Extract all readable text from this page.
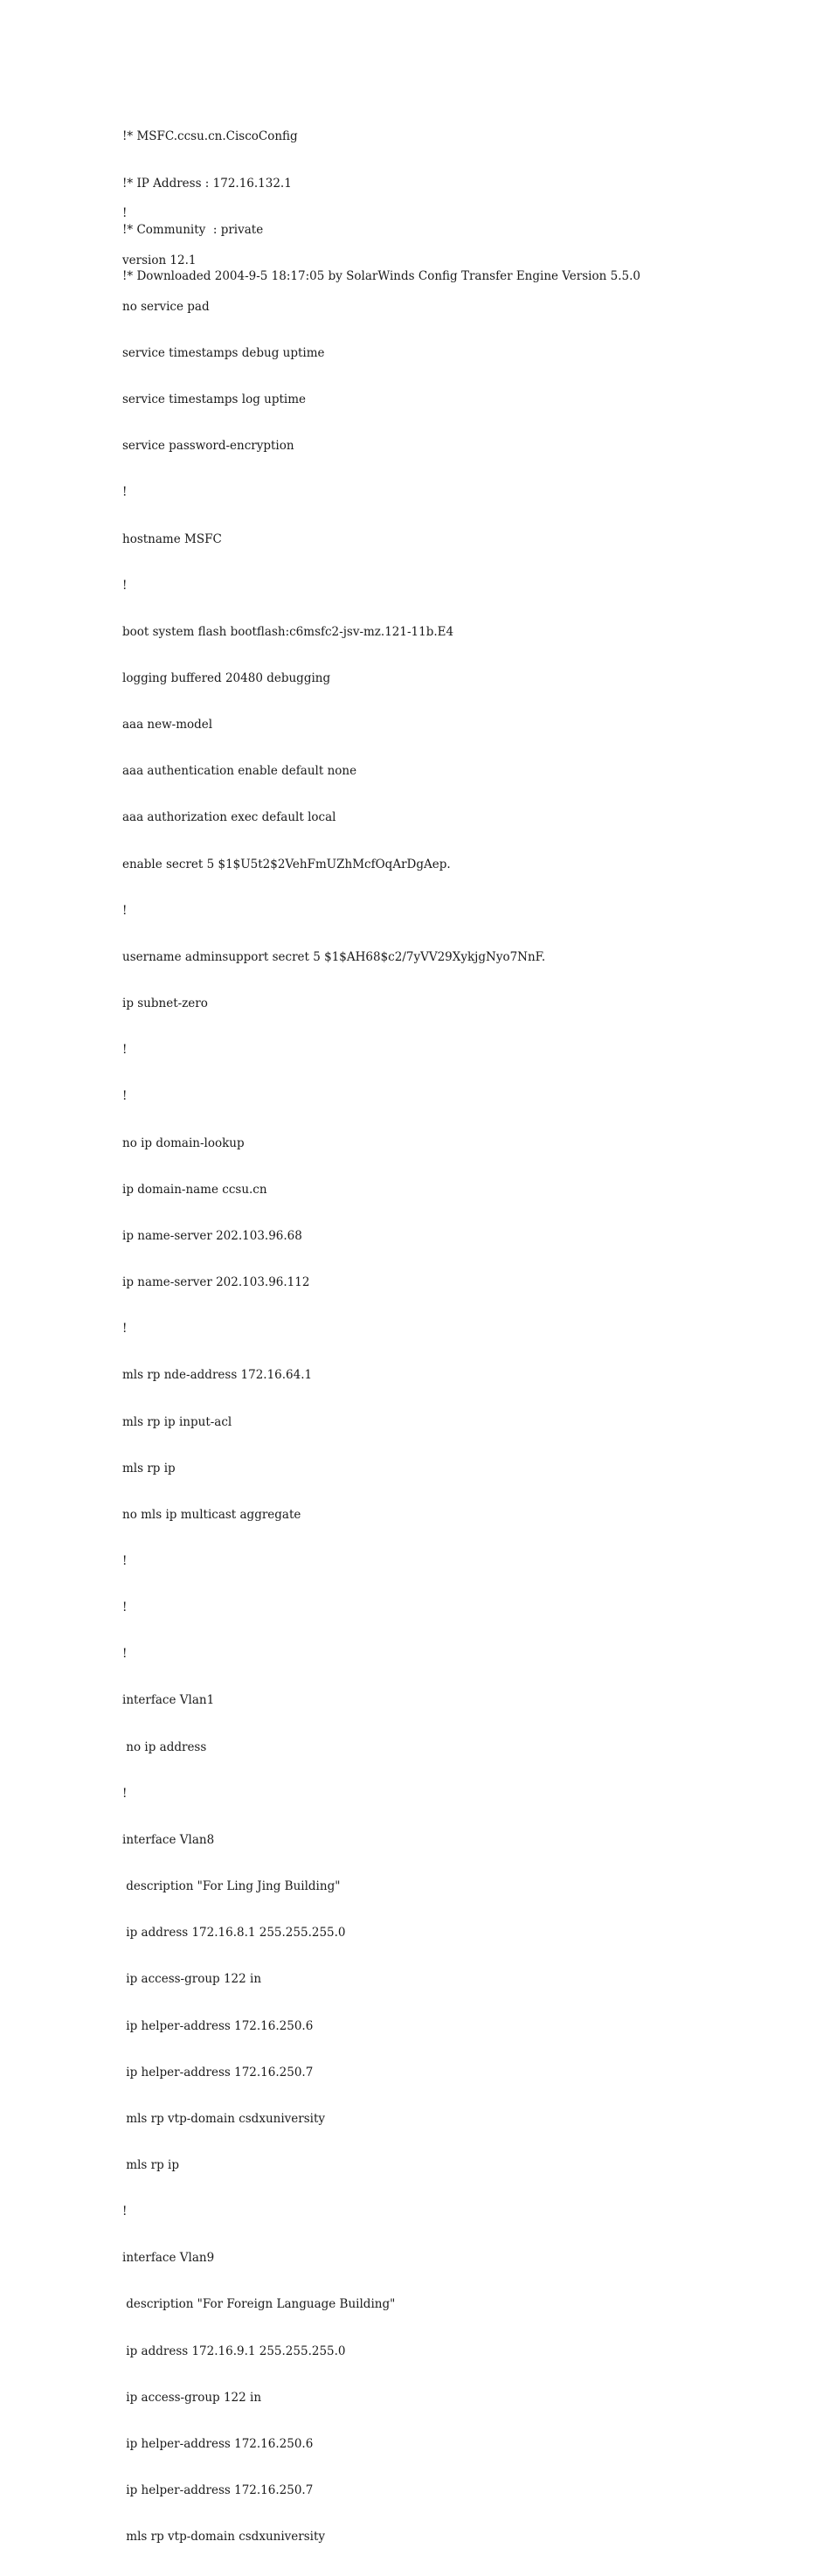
!* MSFC.ccsu.cn.CiscoConfig

!* IP Address : 172.16.132.1

!* Community  : private

!* Downloaded 2004-9-5 18:17:05 by SolarWinds Config Transfer Engine Version 5.5.0

!

version 12.1

no service pad

service timestamps debug uptime

service timestamps log uptime

service password-encryption

!

hostname MSFC

!

boot system flash bootflash:c6msfc2-jsv-mz.121-11b.E4

logging buffered 20480 debugging

aaa new-model

aaa authentication enable default none

aaa authorization exec default local

enable secret 5 $1$U5t2$2VehFmUZhMcfOqArDgAep.

!

username adminsupport secret 5 $1$AH68$c2/7yVV29XykjgNyo7NnF.

ip subnet-zero

!

!

no ip domain-lookup

ip domain-name ccsu.cn

ip name-server 202.103.96.68

ip name-server 202.103.96.112

!

mls rp nde-address 172.16.64.1

mls rp ip input-acl

mls rp ip

no mls ip multicast aggregate

!

!

!

interface Vlan1

no ip address

!

interface Vlan8

description "For Ling Jing Building"

ip address 172.16.8.1 255.255.255.0

ip access-group 122 in

ip helper-address 172.16.250.6

ip helper-address 172.16.250.7

mls rp vtp-domain csdxuniversity

mls rp ip

!

interface Vlan9

description "For Foreign Language Building"

ip address 172.16.9.1 255.255.255.0

ip access-group 122 in

ip helper-address 172.16.250.6

ip helper-address 172.16.250.7

mls rp vtp-domain csdxuniversity
